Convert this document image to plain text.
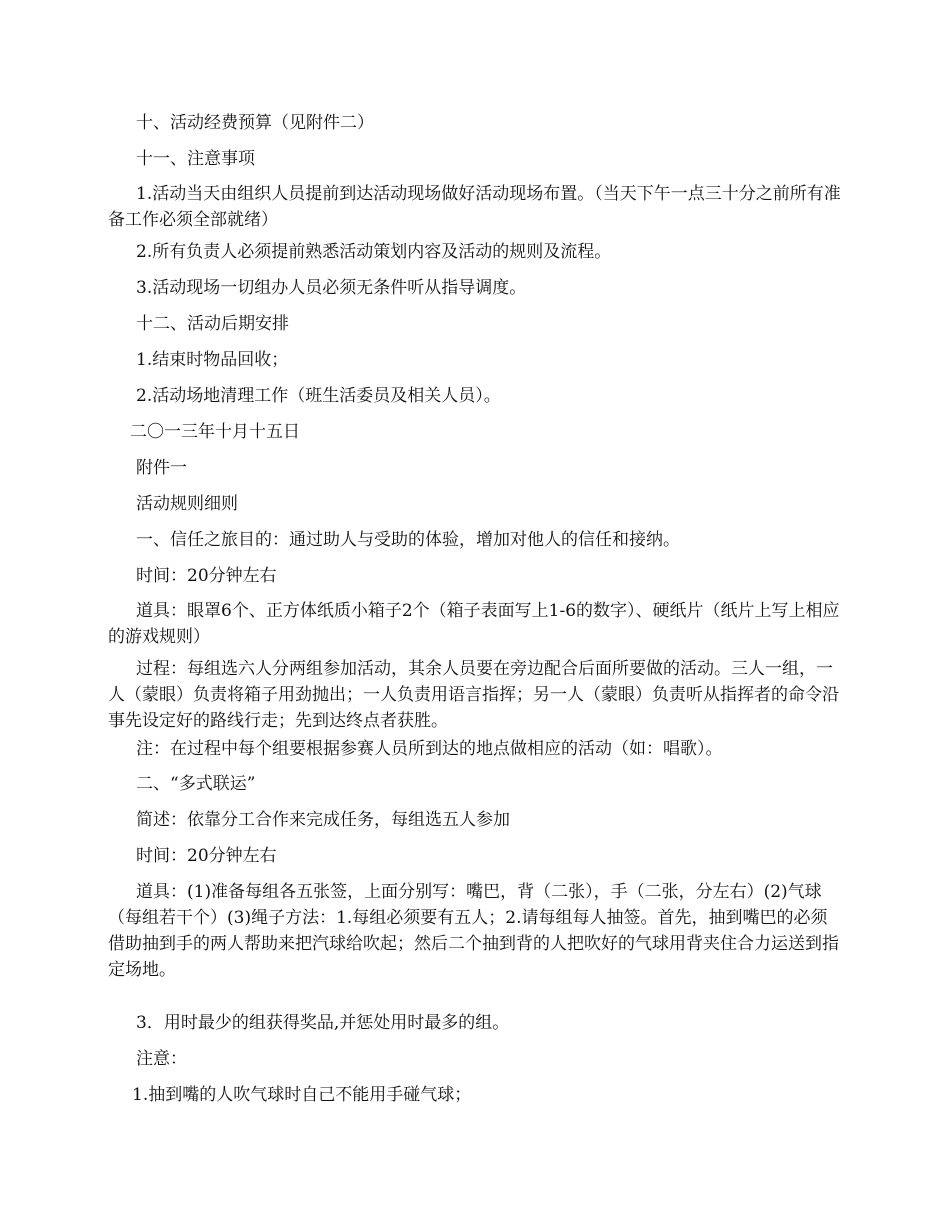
十、活动经费预算（见附件二）

十一、注意事项

1.活动当天由组织人员提前到达活动现场做好活动现场布置。（当天下午一点三十分之前所有准备工作必须全部就绪）

2.所有负责人必须提前熟悉活动策划内容及活动的规则及流程。

3.活动现场一切组办人员必须无条件听从指导调度。

十二、活动后期安排

1.结束时物品回收；

2.活动场地清理工作（班生活委员及相关人员）。

二〇一三年十月十五日

附件一

活动规则细则

一、信任之旅目的：通过助人与受助的体验，增加对他人的信任和接纳。

时间：20分钟左右

道具：眼罩6个、正方体纸质小箱子2个（箱子表面写上1-6的数字）、硬纸片（纸片上写上相应的游戏规则）

过程：每组选六人分两组参加活动，其余人员要在旁边配合后面所要做的活动。三人一组，一人（蒙眼）负责将箱子用劲抛出；一人负责用语言指挥；另一人（蒙眼）负责听从指挥者的命令沿事先设定好的路线行走；先到达终点者获胜。

注：在过程中每个组要根据参赛人员所到达的地点做相应的活动（如：唱歌）。

二、“多式联运”

简述：依靠分工合作来完成任务，每组选五人参加

时间：20分钟左右

道具：(1)准备每组各五张签，上面分别写：嘴巴，背（二张），手（二张，分左右）(2)气球（每组若干个）(3)绳子方法：1.每组必须要有五人；2.请每组每人抽签。首先，抽到嘴巴的必须借助抽到手的两人帮助来把汽球给吹起；然后二个抽到背的人把吹好的气球用背夹住合力运送到指定场地。

3．用时最少的组获得奖品,并惩处用时最多的组。

注意：

1.抽到嘴的人吹气球时自己不能用手碰气球；
